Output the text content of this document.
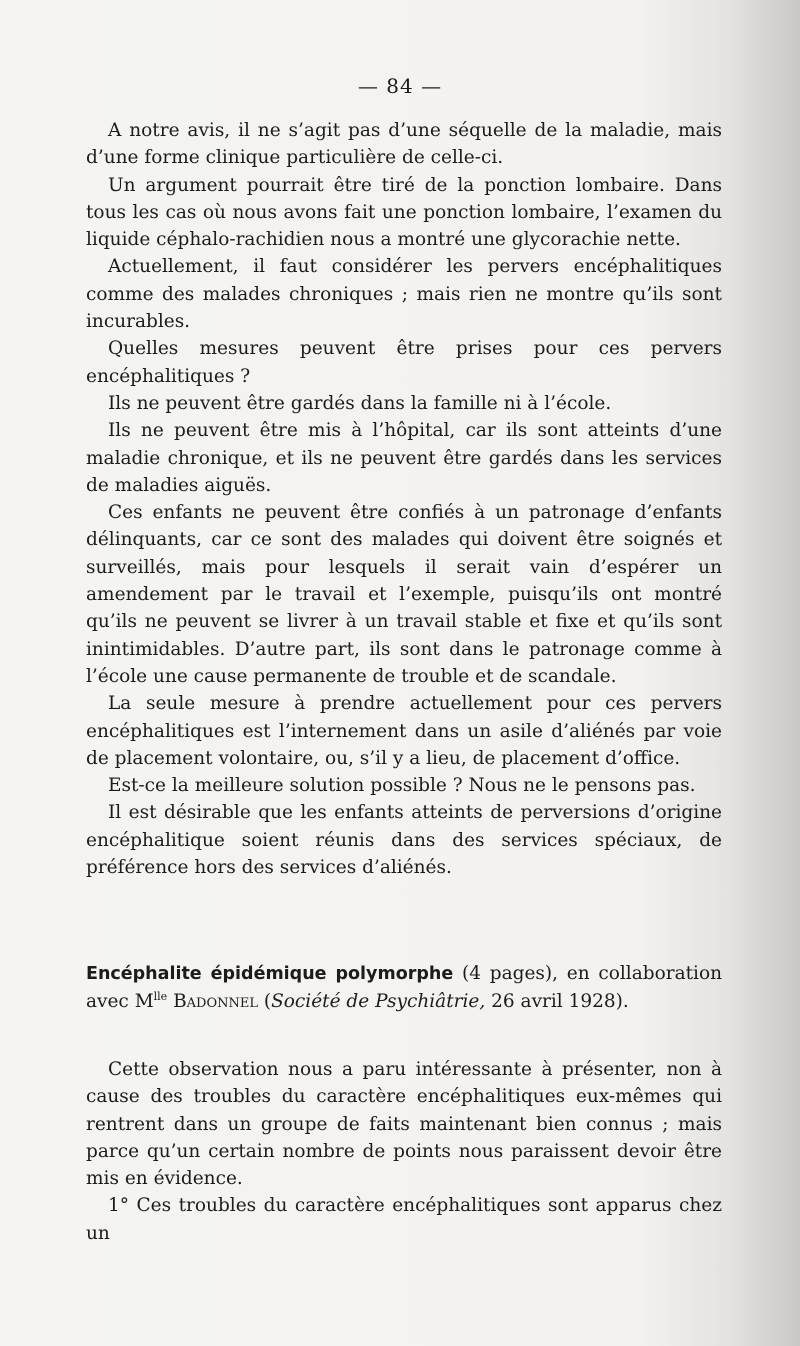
— 84 —

A notre avis, il ne s’agit pas d’une séquelle de la maladie, mais d’une forme clinique particulière de celle-ci.

Un argument pourrait être tiré de la ponction lombaire. Dans tous les cas où nous avons fait une ponction lombaire, l’examen du liquide céphalo-rachidien nous a montré une glycorachie nette.

Actuellement, il faut considérer les pervers encéphalitiques comme des malades chroniques ; mais rien ne montre qu’ils sont incurables.

Quelles mesures peuvent être prises pour ces pervers encéphalitiques ?

Ils ne peuvent être gardés dans la famille ni à l’école.

Ils ne peuvent être mis à l’hôpital, car ils sont atteints d’une maladie chronique, et ils ne peuvent être gardés dans les services de maladies aiguës.

Ces enfants ne peuvent être confiés à un patronage d’enfants délinquants, car ce sont des malades qui doivent être soignés et surveillés, mais pour lesquels il serait vain d’espérer un amendement par le travail et l’exemple, puisqu’ils ont montré qu’ils ne peuvent se livrer à un travail stable et fixe et qu’ils sont inintimidables. D’autre part, ils sont dans le patronage comme à l’école une cause permanente de trouble et de scandale.

La seule mesure à prendre actuellement pour ces pervers encéphalitiques est l’internement dans un asile d’aliénés par voie de placement volontaire, ou, s’il y a lieu, de placement d’office.

Est-ce la meilleure solution possible ? Nous ne le pensons pas.

Il est désirable que les enfants atteints de perversions d’origine encéphalitique soient réunis dans des services spéciaux, de préférence hors des services d’aliénés.

Encéphalite épidémique polymorphe (4 pages), en collaboration avec $M^{lle}$ Badonnel (Société de Psychiâtrie, 26 avril 1928).

Cette observation nous a paru intéressante à présenter, non à cause des troubles du caractère encéphalitiques eux-mêmes qui rentrent dans un groupe de faits maintenant bien connus ; mais parce qu’un certain nombre de points nous paraissent devoir être mis en évidence.

1° Ces troubles du caractère encéphalitiques sont apparus chez un
